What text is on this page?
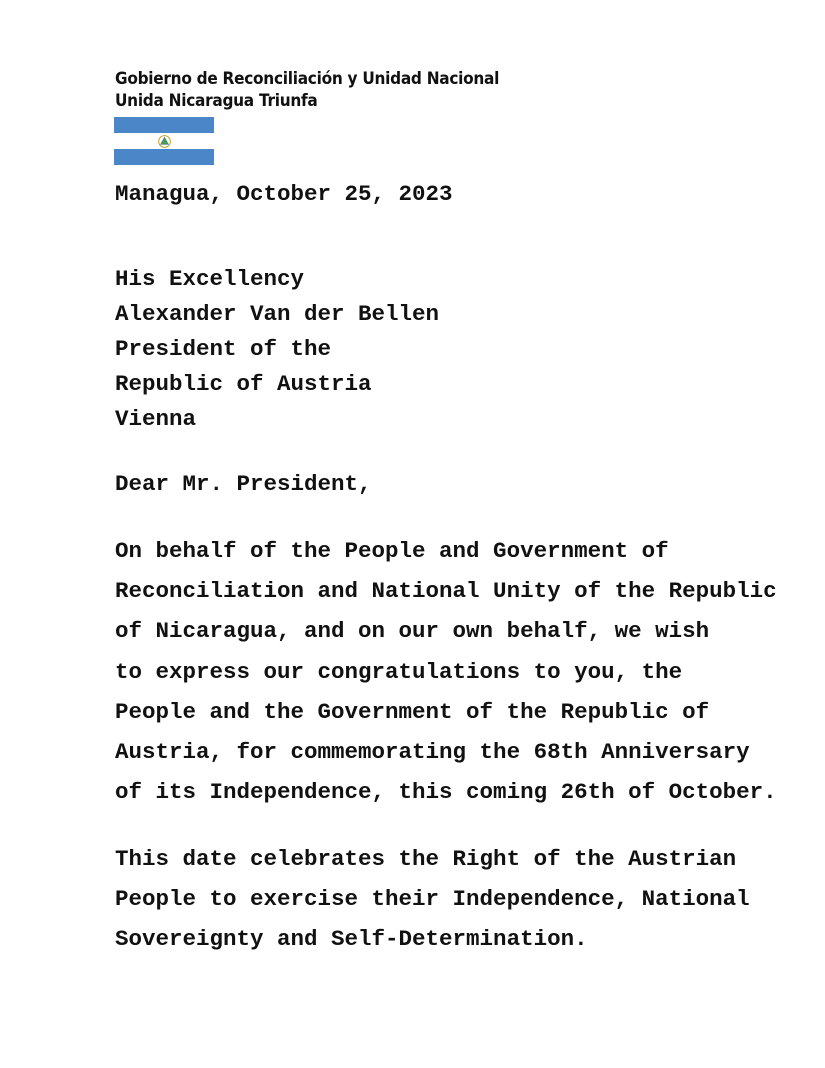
Gobierno de Reconciliación y Unidad Nacional
Unida Nicaragua Triunfa
Managua, October 25, 2023
His Excellency
Alexander Van der Bellen
President of the
Republic of Austria
Vienna
Dear Mr. President,
On behalf of the People and Government of
Reconciliation and National Unity of the Republic
of Nicaragua, and on our own behalf, we wish
to express our congratulations to you, the
People and the Government of the Republic of
Austria, for commemorating the 68th Anniversary
of its Independence, this coming 26th of October.
This date celebrates the Right of the Austrian
People to exercise their Independence, National
Sovereignty and Self-Determination.
